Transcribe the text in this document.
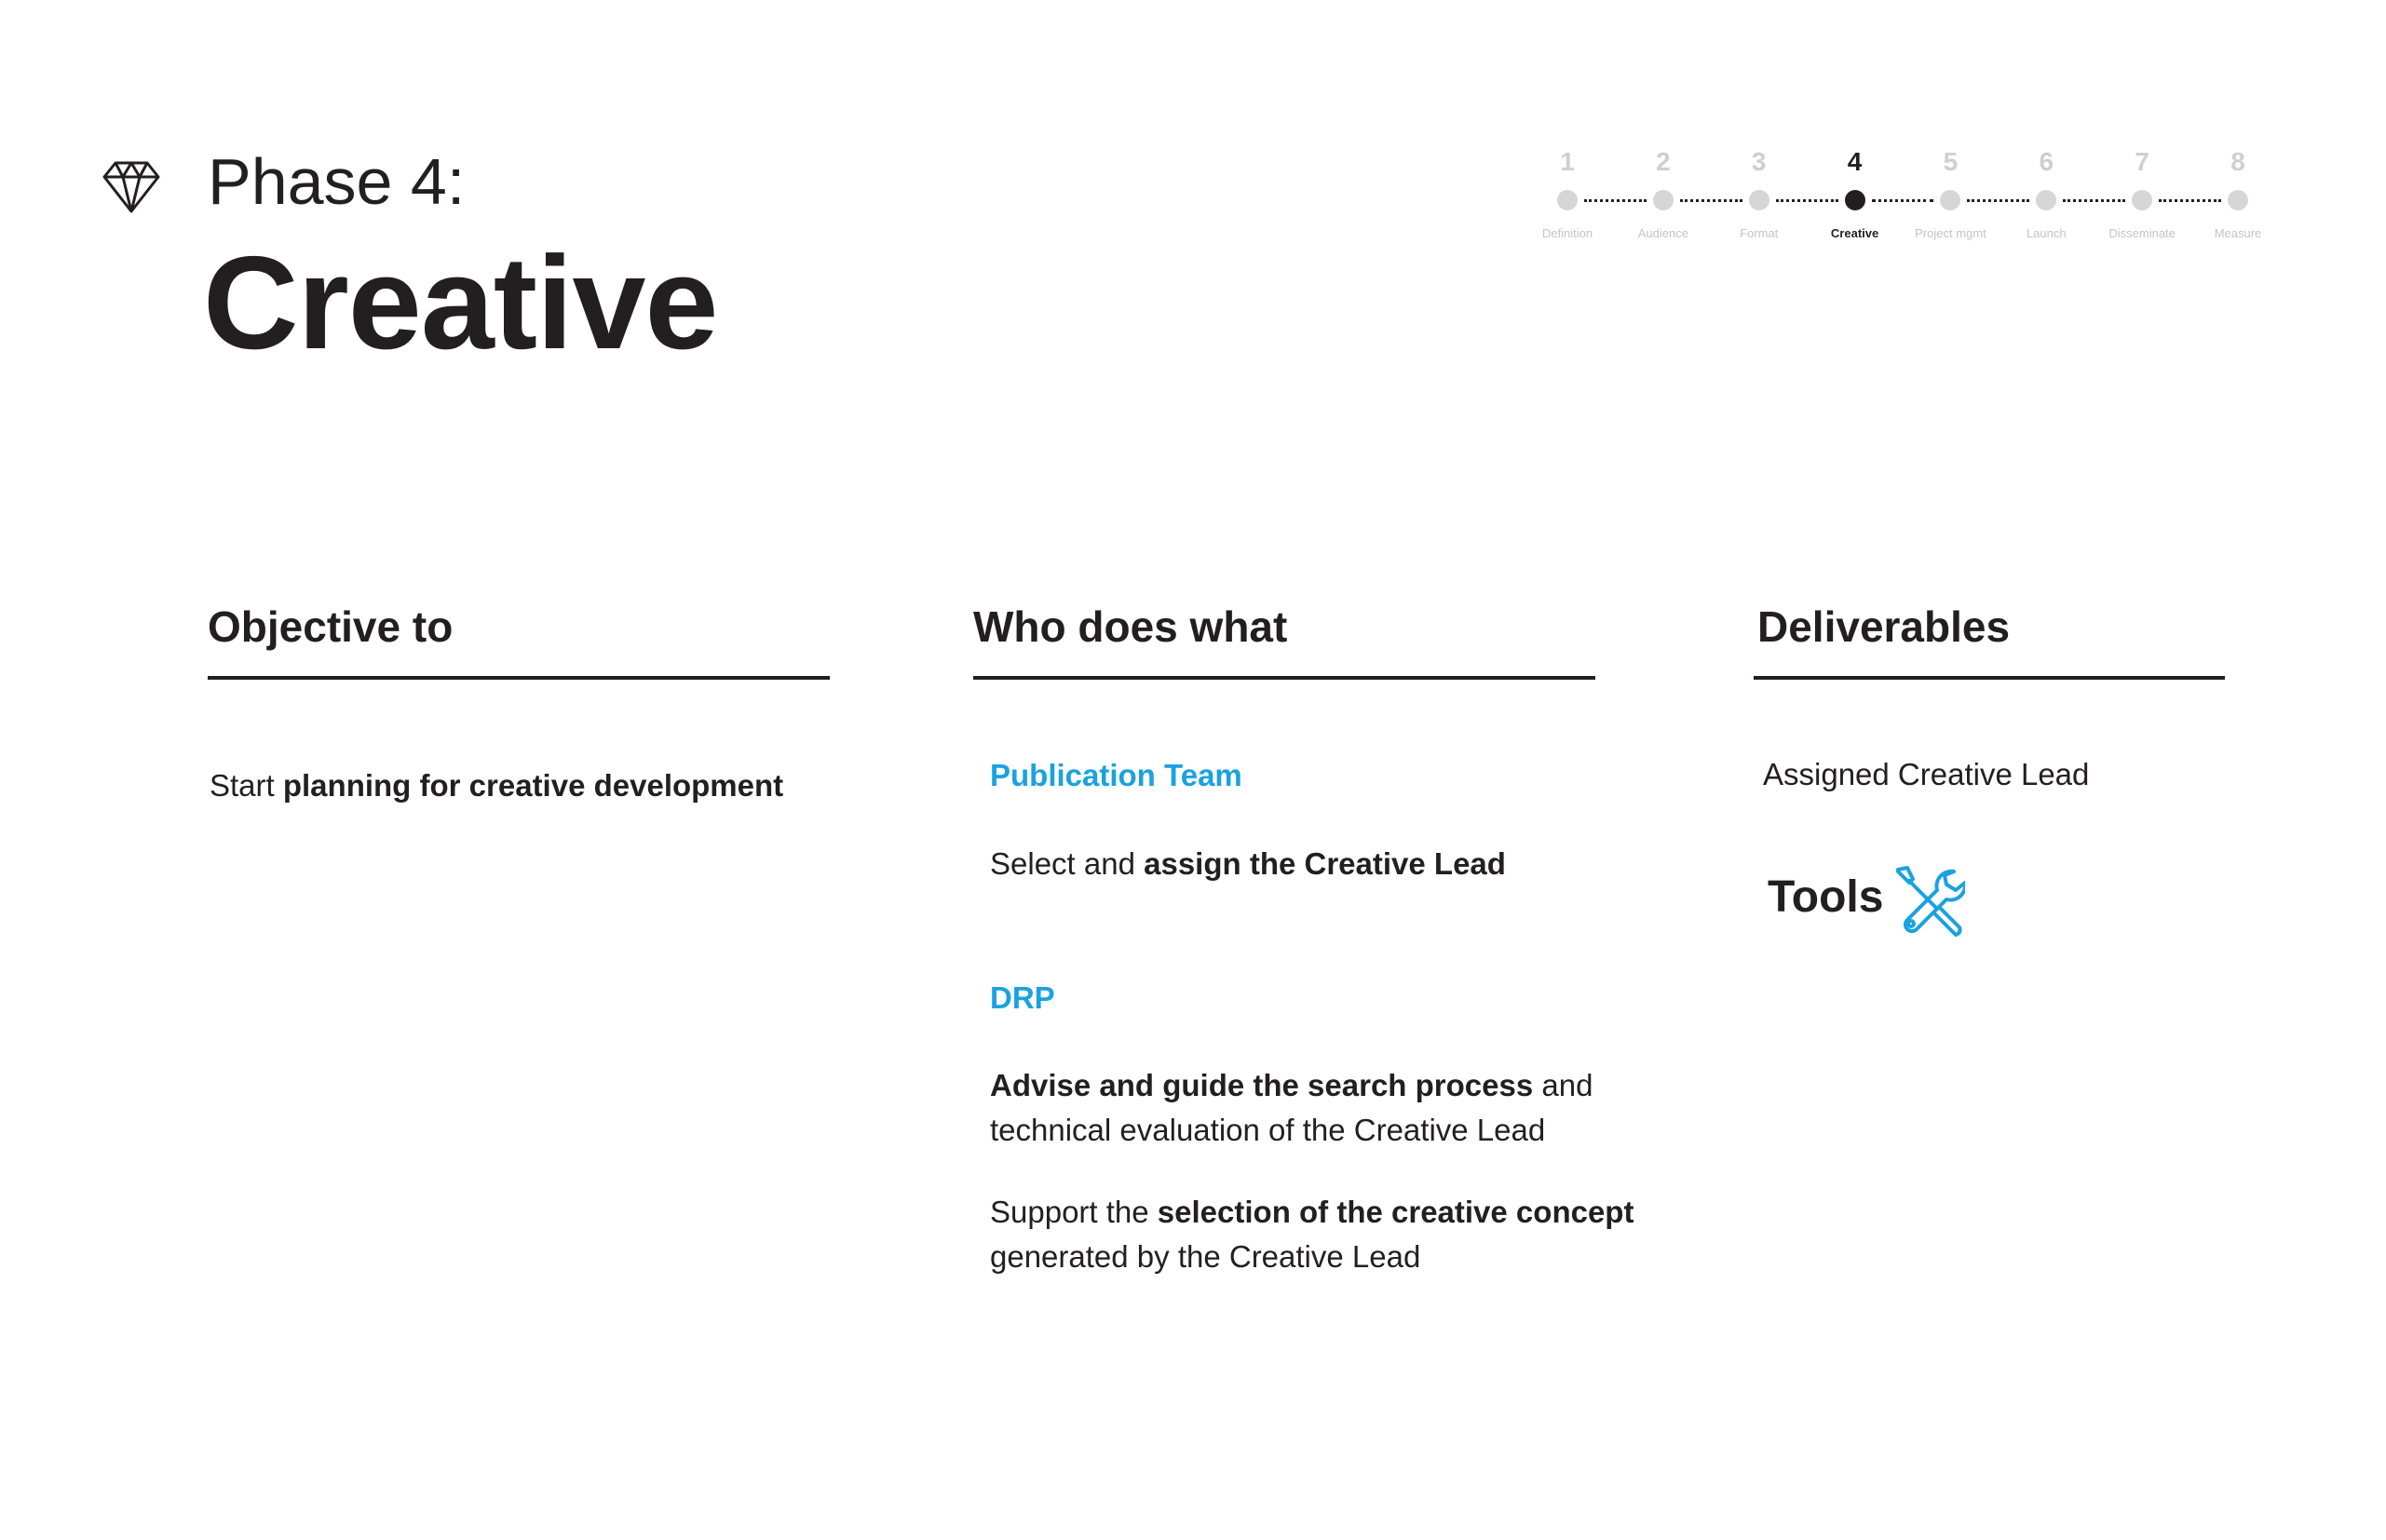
Phase 4:
Creative
1
Definition
2
Audience
3
Format
4
Creative
5
Project mgmt
6
Launch
7
Disseminate
8
Measure
Objective to
Start planning for creative development
Who does what
Publication Team
Select and assign the Creative Lead
DRP
Advise and guide the search process and
technical evaluation of the Creative Lead
Support the selection of the creative concept
generated by the Creative Lead
Deliverables
Assigned Creative Lead
Tools
